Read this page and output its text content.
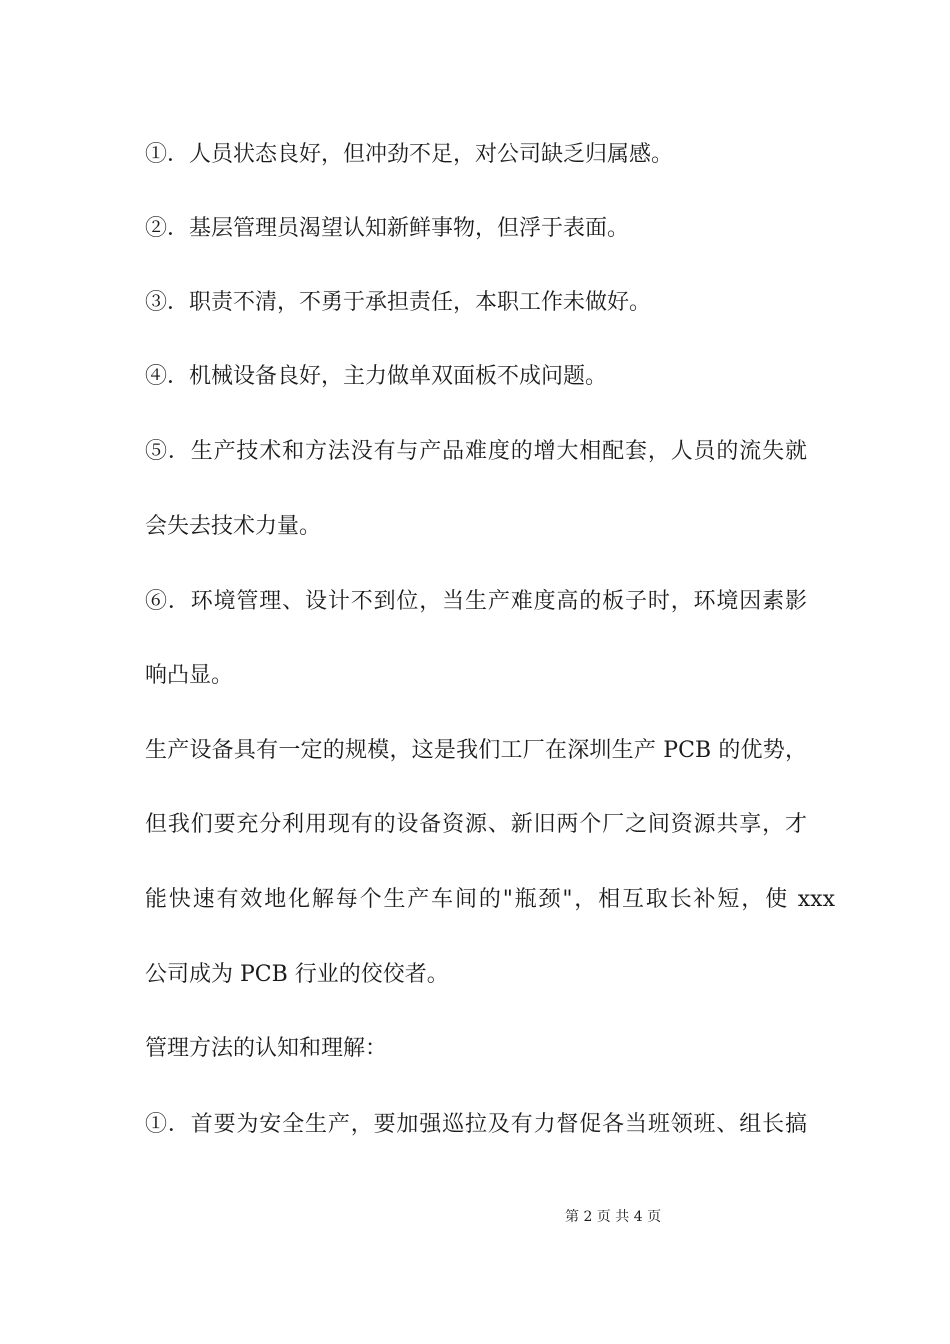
①．人员状态良好，但冲劲不足，对公司缺乏归属感。
②．基层管理员渴望认知新鲜事物，但浮于表面。
③．职责不清，不勇于承担责任，本职工作未做好。
④．机械设备良好，主力做单双面板不成问题。
⑤．生产技术和方法没有与产品难度的增大相配套，人员的流失就
会失去技术力量。
⑥．环境管理、设计不到位，当生产难度高的板子时，环境因素影
响凸显。
生产设备具有一定的规模，这是我们工厂在深圳生产 PCB 的优势，
但我们要充分利用现有的设备资源、新旧两个厂之间资源共享，才
能快速有效地化解每个生产车间的"瓶颈"，相互取长补短，使 xxx
公司成为 PCB 行业的佼佼者。
管理方法的认知和理解：
①．首要为安全生产，要加强巡拉及有力督促各当班领班、组长搞
第 2 页 共 4 页
